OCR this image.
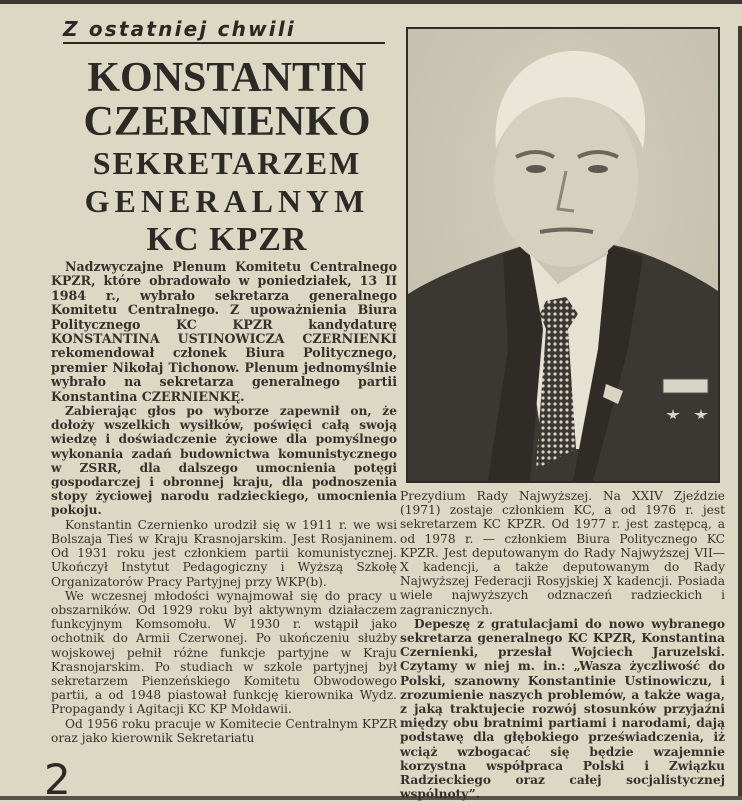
Z ostatniej chwili
KONSTANTIN
CZERNIENKO
SEKRETARZEM
GENERALNYM
KC KPZR

Nadzwyczajne Plenum Komitetu Centralnego KPZR, które obradowało w poniedziałek, 13 II 1984 r., wybrało sekretarza generalnego Komitetu Centralnego. Z upoważnienia Biura Politycznego KC KPZR kandydaturę KONSTANTINA USTINOWICZA CZERNIENKI rekomendował członek Biura Politycznego, premier Nikołaj Tichonow. Plenum jednomyślnie wybrało na sekretarza generalnego partii Konstantina CZERNIENKĘ.

Zabierając głos po wyborze zapewnił on, że dołoży wszelkich wysiłków, poświęci całą swoją wiedzę i doświadczenie życiowe dla pomyślnego wykonania zadań budownictwa komunistycznego w ZSRR, dla dalszego umocnienia potęgi gospodarczej i obronnej kraju, dla podnoszenia stopy życiowej narodu radzieckiego, umocnienia pokoju.

Konstantin Czernienko urodził się w 1911 r. we wsi Bolszaja Tieś w Kraju Krasnojarskim. Jest Rosjaninem. Od 1931 roku jest członkiem partii komunistycznej. Ukończył Instytut Pedagogiczny i Wyższą Szkołę Organizatorów Pracy Partyjnej przy WKP(b).

We wczesnej młodości wynajmował się do pracy u obszarników. Od 1929 roku był aktywnym działaczem funkcyjnym Komsomołu. W 1930 r. wstąpił jako ochotnik do Armii Czerwonej. Po ukończeniu służby wojskowej pełnił różne funkcje partyjne w Kraju Krasnojarskim. Po studiach w szkole partyjnej był sekretarzem Pienzeńskiego Komitetu Obwodowego partii, a od 1948 piastował funkcję kierownika Wydz. Propagandy i Agitacji KC KP Mołdawii.

Od 1956 roku pracuje w Komitecie Centralnym KPZR oraz jako kierownik Sekretariatu

Prezydium Rady Najwyższej. Na XXIV Zjeździe (1971) zostaje członkiem KC, a od 1976 r. jest sekretarzem KC KPZR. Od 1977 r. jest zastępcą, a od 1978 r. — członkiem Biura Politycznego KC KPZR. Jest deputowanym do Rady Najwyższej VII—X kadencji, a także deputowanym do Rady Najwyższej Federacji Rosyjskiej X kadencji. Posiada wiele najwyższych odznaczeń radzieckich i zagranicznych.

Depeszę z gratulacjami do nowo wybranego sekretarza generalnego KC KPZR, Konstantina Czernienki, przesłał Wojciech Jaruzelski. Czytamy w niej m. in.: „Wasza życzliwość do Polski, szanowny Konstantinie Ustinowiczu, i zrozumienie naszych problemów, a także waga, z jaką traktujecie rozwój stosunków przyjaźni między obu bratnimi partiami i narodami, dają podstawę dla głębokiego przeświadczenia, iż wciąż wzbogacać się będzie wzajemnie korzystna współpraca Polski i Związku Radzieckiego oraz całej socjalistycznej wspólnoty”.

2
